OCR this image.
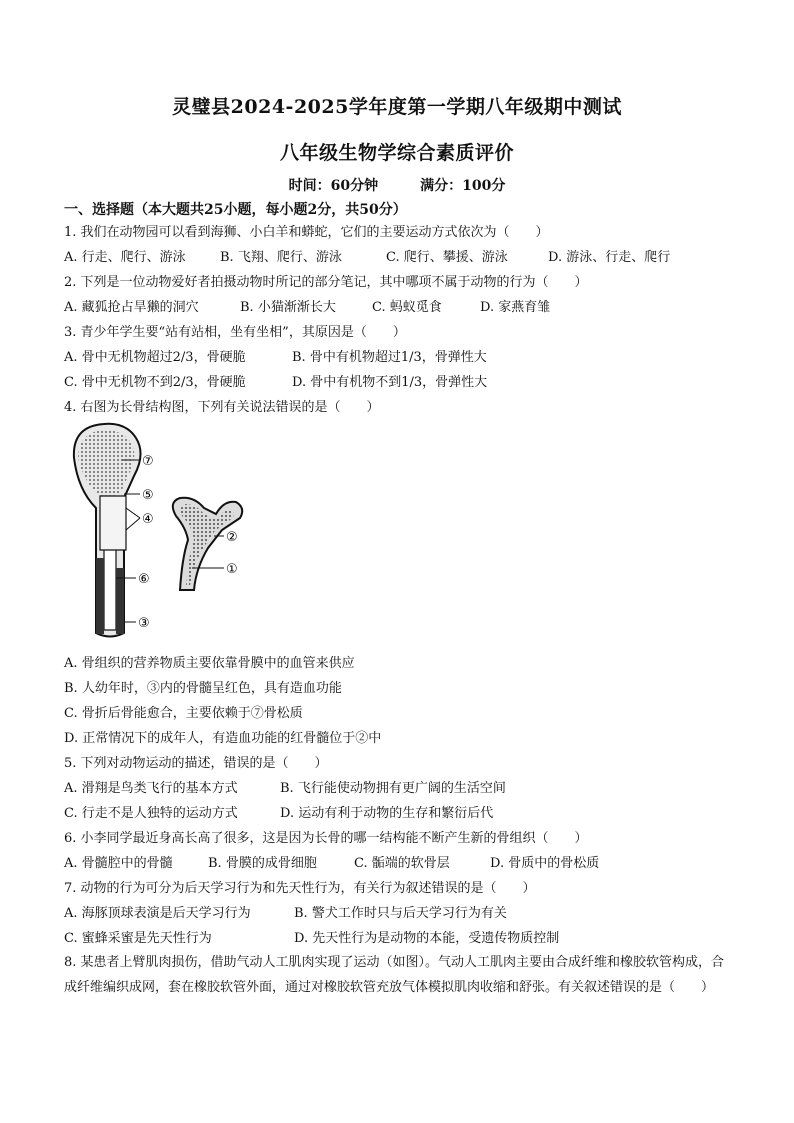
灵璧县2024-2025学年度第一学期八年级期中测试
八年级生物学综合素质评价
时间：60分钟　　　	满分：100分
一、选择题（本大题共25小题，每小题2分，共50分）
1. 我们在动物园可以看到海狮、小白羊和蟒蛇，它们的主要运动方式依次为（　　）
A. 行走、爬行、游泳	B. 飞翔、爬行、游泳	C. 爬行、攀援、游泳	D. 游泳、行走、爬行
2. 下列是一位动物爱好者拍摄动物时所记的部分笔记，其中哪项不属于动物的行为（　　）
A. 藏狐抢占旱獭的洞穴	B. 小猫渐渐长大	C. 蚂蚁觅食	D. 家燕育雏
3. 青少年学生要“站有站相，坐有坐相”，其原因是（　　）
A. 骨中无机物超过2/3，骨硬脆	B. 骨中有机物超过1/3，骨弹性大
C. 骨中无机物不到2/3，骨硬脆	D. 骨中有机物不到1/3，骨弹性大
4. 右图为长骨结构图，下列有关说法错误的是（　　）
⑦
⑤
④
⑥
③
②
①
A. 骨组织的营养物质主要依靠骨膜中的血管来供应
B. 人幼年时，③内的骨髓呈红色，具有造血功能
C. 骨折后骨能愈合，主要依赖于⑦骨松质
D. 正常情况下的成年人，有造血功能的红骨髓位于②中
5. 下列对动物运动的描述，错误的是（　　）
A. 滑翔是鸟类飞行的基本方式	B. 飞行能使动物拥有更广阔的生活空间
C. 行走不是人独特的运动方式	D. 运动有利于动物的生存和繁衍后代
6. 小李同学最近身高长高了很多，这是因为长骨的哪一结构能不断产生新的骨组织（　　）
A. 骨髓腔中的骨髓	B. 骨膜的成骨细胞	C. 骺端的软骨层	D. 骨质中的骨松质
7. 动物的行为可分为后天学习行为和先天性行为，有关行为叙述错误的是（　　）
A. 海豚顶球表演是后天学习行为	B. 警犬工作时只与后天学习行为有关
C. 蜜蜂采蜜是先天性行为	D. 先天性行为是动物的本能，受遗传物质控制
8. 某患者上臂肌肉损伤，借助气动人工肌肉实现了运动（如图）。气动人工肌肉主要由合成纤维和橡胶软管构成，合成纤维编织成网，套在橡胶软管外面，通过对橡胶软管充放气体模拟肌肉收缩和舒张。有关叙述错误的是（　　）
